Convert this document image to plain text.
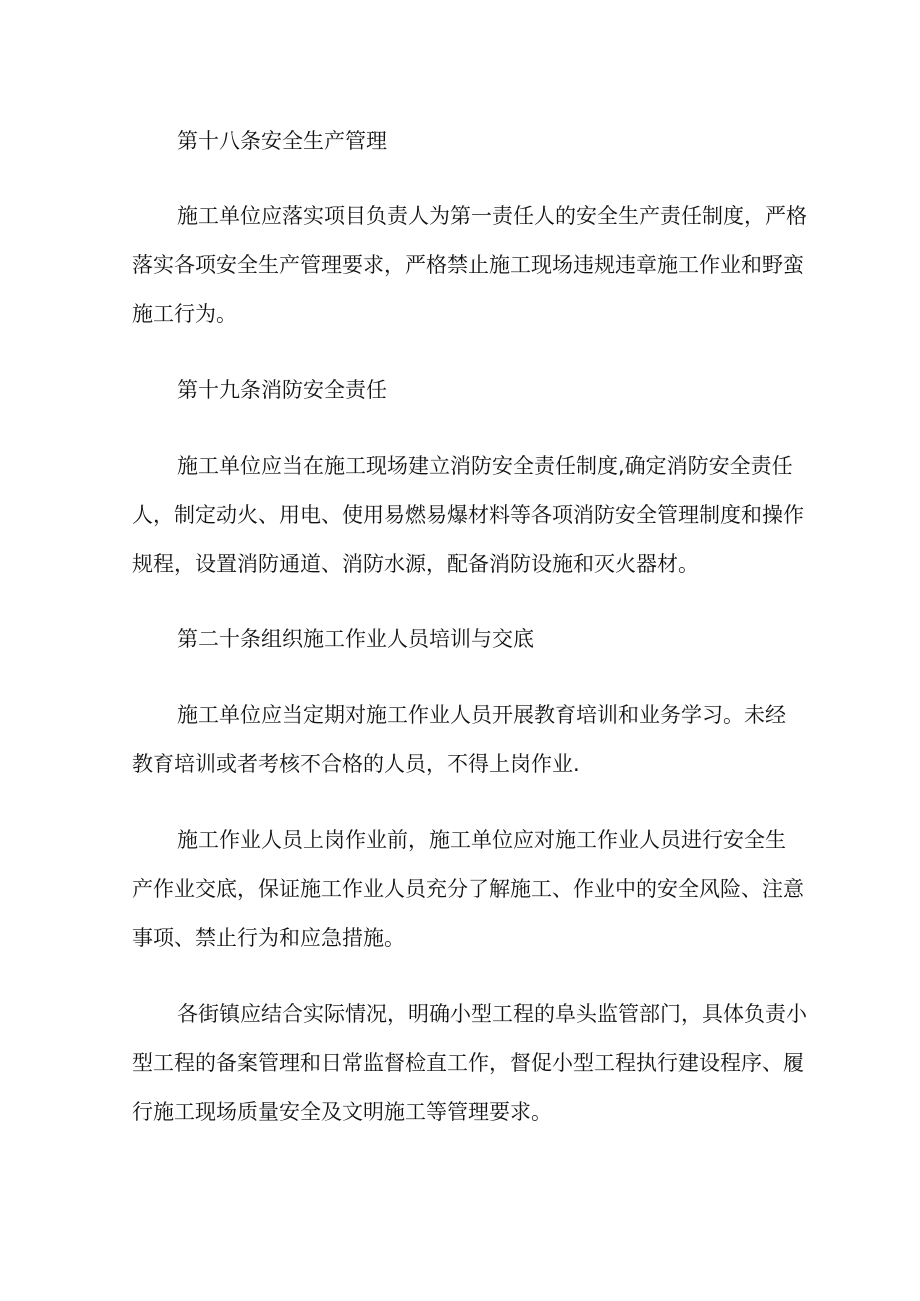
第十八条安全生产管理
施工单位应落实项目负责人为第一责任人的安全生产责任制度，严格
落实各项安全生产管理要求，严格禁止施工现场违规违章施工作业和野蛮
施工行为。
第十九条消防安全责任
施工单位应当在施工现场建立消防安全责任制度,确定消防安全责任
人，制定动火、用电、使用易燃易爆材料等各项消防安全管理制度和操作
规程，设置消防通道、消防水源，配备消防设施和灭火器材。
第二十条组织施工作业人员培训与交底
施工单位应当定期对施工作业人员开展教育培训和业务学习。未经
教育培训或者考核不合格的人员，不得上岗作业.
施工作业人员上岗作业前，施工单位应对施工作业人员进行安全生
产作业交底，保证施工作业人员充分了解施工、作业中的安全风险、注意
事项、禁止行为和应急措施。
各街镇应结合实际情况，明确小型工程的阜头监管部门，具体负责小
型工程的备案管理和日常监督检直工作，督促小型工程执行建设程序、履
行施工现场质量安全及文明施工等管理要求。
